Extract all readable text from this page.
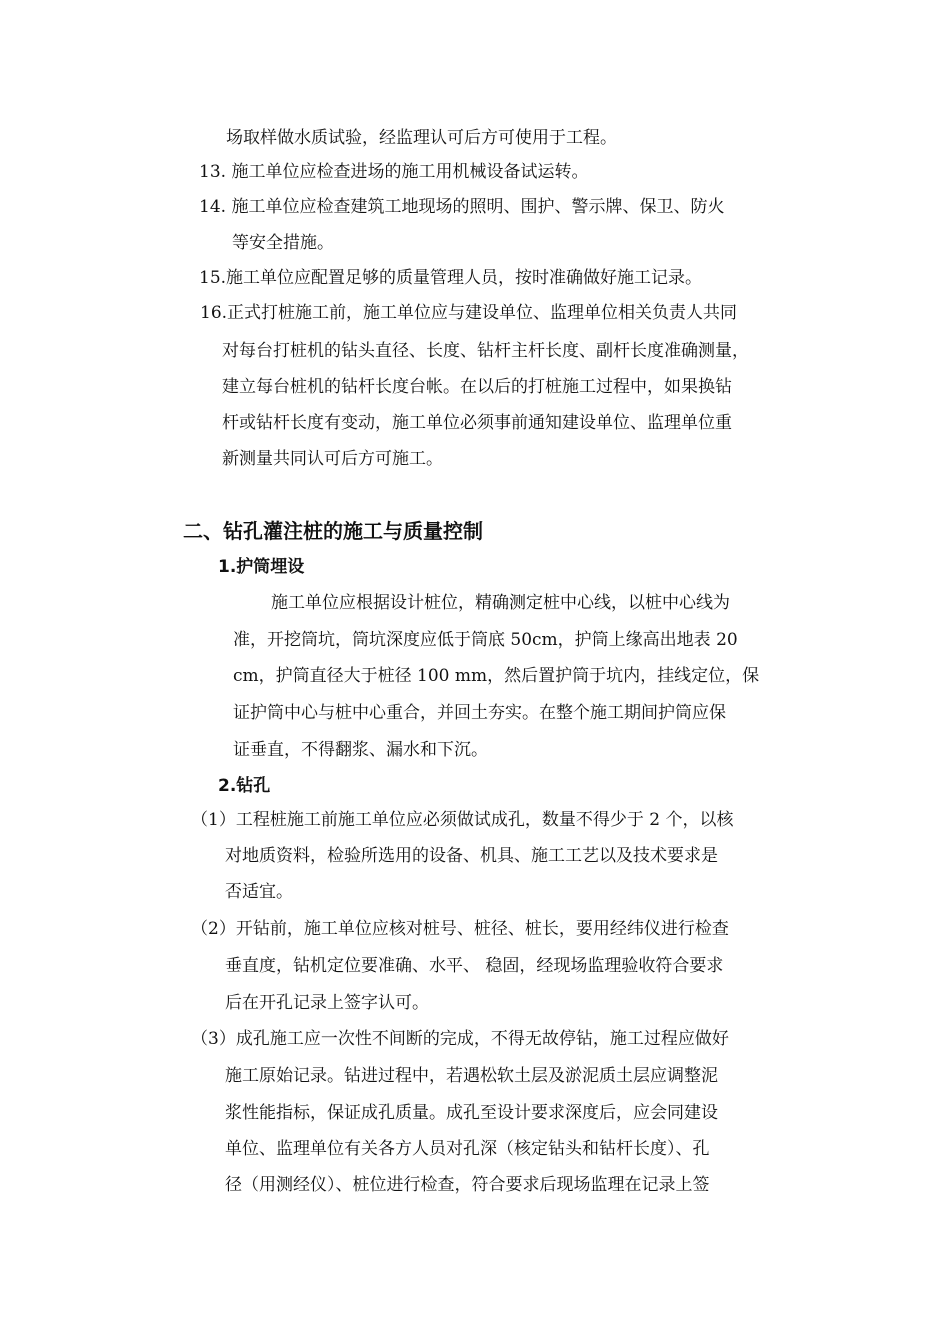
场取样做水质试验，经监理认可后方可使用于工程。
13. 施工单位应检查进场的施工用机械设备试运转。
14. 施工单位应检查建筑工地现场的照明、围护、警示牌、保卫、防火
等安全措施。
15.施工单位应配置足够的质量管理人员，按时准确做好施工记录。
16.正式打桩施工前，施工单位应与建设单位、监理单位相关负责人共同
对每台打桩机的钻头直径、长度、钻杆主杆长度、副杆长度准确测量，
建立每台桩机的钻杆长度台帐。在以后的打桩施工过程中，如果换钻
杆或钻杆长度有变动，施工单位必须事前通知建设单位、监理单位重
新测量共同认可后方可施工。
二、钻孔灌注桩的施工与质量控制
1.护筒埋设
施工单位应根据设计桩位，精确测定桩中心线，以桩中心线为
准，开挖筒坑，筒坑深度应低于筒底 50cm，护筒上缘高出地表 20
cm，护筒直径大于桩径 100 mm，然后置护筒于坑内，挂线定位，保
证护筒中心与桩中心重合，并回土夯实。在整个施工期间护筒应保
证垂直，不得翻浆、漏水和下沉。
2.钻孔
（1）工程桩施工前施工单位应必须做试成孔，数量不得少于 2 个，以核
对地质资料，检验所选用的设备、机具、施工工艺以及技术要求是
否适宜。
（2）开钻前，施工单位应核对桩号、桩径、桩长，要用经纬仪进行检查
垂直度，钻机定位要准确、水平、 稳固，经现场监理验收符合要求
后在开孔记录上签字认可。
（3）成孔施工应一次性不间断的完成，不得无故停钻，施工过程应做好
施工原始记录。钻进过程中，若遇松软土层及淤泥质土层应调整泥
浆性能指标，保证成孔质量。成孔至设计要求深度后，应会同建设
单位、监理单位有关各方人员对孔深（核定钻头和钻杆长度）、孔
径（用测经仪）、桩位进行检查，符合要求后现场监理在记录上签
